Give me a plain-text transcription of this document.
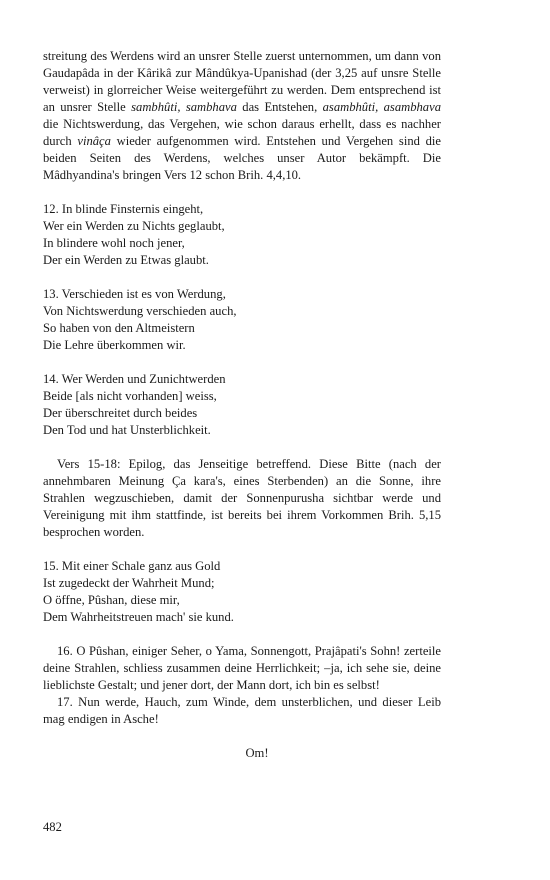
streitung des Werdens wird an unsrer Stelle zuerst unternommen, um dann von Gaudapâda in der Kârikâ zur Mândûkya-Upanishad (der 3,25 auf unsre Stelle verweist) in glorreicher Weise weitergeführt zu werden. Dem entsprechend ist an unsrer Stelle sambhûti, sambhava das Entstehen, asambhûti, asambhava die Nichtswerdung, das Vergehen, wie schon daraus erhellt, dass es nachher durch vinâça wieder aufgenommen wird. Entstehen und Vergehen sind die beiden Seiten des Werdens, welches unser Autor bekämpft. Die Mâdhyandina's bringen Vers 12 schon Brih. 4,4,10.

12. In blinde Finsternis eingeht,
Wer ein Werden zu Nichts geglaubt,
In blindere wohl noch jener,
Der ein Werden zu Etwas glaubt.

13. Verschieden ist es von Werdung,
Von Nichtswerdung verschieden auch,
So haben von den Altmeistern
Die Lehre überkommen wir.

14. Wer Werden und Zunichtwerden
Beide [als nicht vorhanden] weiss,
Der überschreitet durch beides
Den Tod und hat Unsterblichkeit.

Vers 15-18: Epilog, das Jenseitige betreffend. Diese Bitte (nach der annehmbaren Meinung Ça kara's, eines Sterbenden) an die Sonne, ihre Strahlen wegzuschieben, damit der Sonnenpurusha sichtbar werde und Vereinigung mit ihm stattfinde, ist bereits bei ihrem Vorkommen Brih. 5,15 besprochen worden.

15. Mit einer Schale ganz aus Gold
Ist zugedeckt der Wahrheit Mund;
O öffne, Pûshan, diese mir,
Dem Wahrheitstreuen mach' sie kund.

16. O Pûshan, einiger Seher, o Yama, Sonnengott, Prajâpati's Sohn! zerteile deine Strahlen, schliess zusammen deine Herrlichkeit; –ja, ich sehe sie, deine lieblichste Gestalt; und jener dort, der Mann dort, ich bin es selbst!

17. Nun werde, Hauch, zum Winde, dem unsterblichen, und dieser Leib mag endigen in Asche!

Om!

482
